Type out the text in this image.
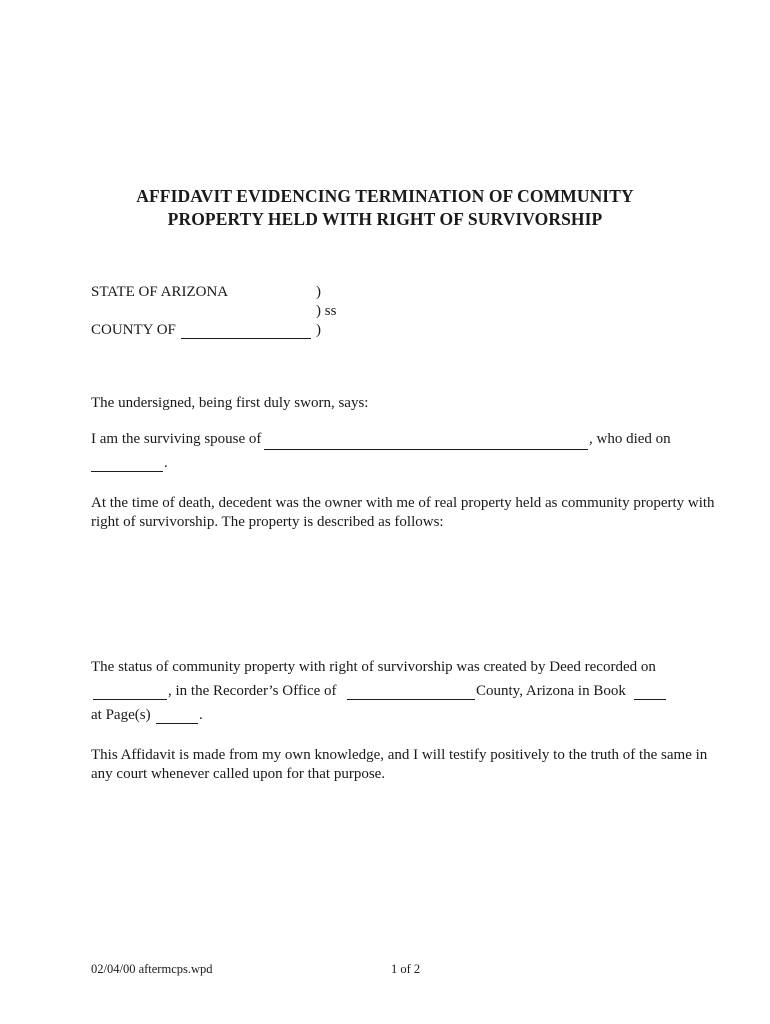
AFFIDAVIT EVIDENCING TERMINATION OF COMMUNITY
PROPERTY HELD WITH RIGHT OF SURVIVORSHIP
STATE OF ARIZONA	)
) ss
COUNTY OF	)
The undersigned, being first duly sworn, says:
I am the surviving spouse of	, who died on
.
At the time of death, decedent was the owner with me of real property held as community property with
right of survivorship. The property is described as follows:
The status of community property with right of survivorship was created by Deed recorded on
, in the Recorder’s Office of	County, Arizona in Book
at Page(s)	.
This Affidavit is made from my own knowledge, and I will testify positively to the truth of the same in
any court whenever called upon for that purpose.
02/04/00 aftermcps.wpd	1 of 2
